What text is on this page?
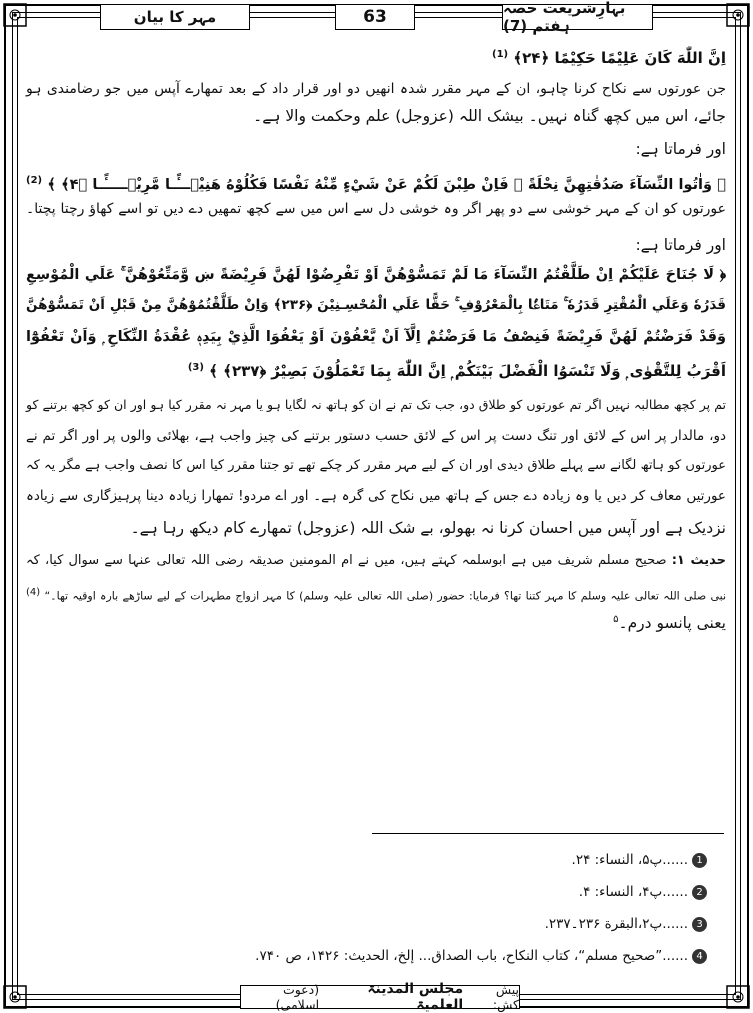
مہر کا بیان	63	بہارِشریعت حصہ ہفتم (7)
اِنَّ اللّٰهَ كَانَ عَلِيْمًا حَكِيْمًا ﴿۲۴﴾ $^{(1)}$
جن عورتوں سے نکاح کرنا چاہو، ان کے مہر مقرر شدہ انھیں دو اور قرار داد کے بعد تمھارے آپس میں جو رضامندی ہو
جائے، اس میں کچھ گناہ نہیں۔ بیشک اللہ (عزوجل) علم وحکمت والا ہے۔
اور فرماتا ہے:
﴿ وَاٰتُوا النِّسَآءَ صَدُقٰتِهِنَّ نِحْلَةً ۭ فَاِنْ طِبْنَ لَكُمْ عَنْ شَيْءٍ مِّنْهُ نَفْسًا فَكُلُوْهُ هَنِيْۗـــًٔـا مَّرِيْۗـــــًٔـا ﴿۴﴾ ﴾ $^{(2)}$
عورتوں کو ان کے مہر خوشی سے دو پھر اگر وہ خوشی دل سے اس میں سے کچھ تمھیں دے دیں تو اسے کھاؤ رچتا پچتا۔
اور فرماتا ہے:
﴿ لَا جُنَاحَ عَلَيْكُمْ اِنْ طَلَّقْتُمُ النِّسَآءَ مَا لَمْ تَمَسُّوْھُنَّ اَوْ تَفْرِضُوْا لَھُنَّ فَرِيْضَةً ښ وَّمَتِّعُوْھُنَّ ۚ عَلَي الْمُوْسِعِ
قَدَرُهٗ وَعَلَي الْمُقْتِرِ قَدَرُهٗ ۚ مَتَاعًۢا بِالْمَعْرُوْفِ ۚ حَقًّا عَلَي الْمُحْسِـنِيْنَ ﴿۲۳۶﴾ وَاِنْ طَلَّقْتُمُوْھُنَّ مِنْ قَبْلِ اَنْ تَمَسُّوْھُنَّ
وَقَدْ فَرَضْتُمْ لَھُنَّ فَرِيْضَةً فَنِصْفُ مَا فَرَضْتُمْ اِلَّآ اَنْ يَّعْفُوْنَ اَوْ يَعْفُوَا الَّذِيْ بِيَدِهٖ عُقْدَةُ النِّكَاحِ ۭ وَاَنْ تَعْفُوْٓا
اَقْرَبُ لِلتَّقْوٰى ۭ وَلَا تَنْسَوُا الْفَضْلَ بَيْنَكُمْ ۭ اِنَّ اللّٰهَ بِمَا تَعْمَلُوْنَ بَصِيْرٌ ﴿۲۳۷﴾ ﴾ $^{(3)}$
تم پر کچھ مطالبہ نہیں اگر تم عورتوں کو طلاق دو، جب تک تم نے ان کو ہاتھ نہ لگایا ہو یا مہر نہ مقرر کیا ہو اور ان کو کچھ برتنے کو
دو، مالدار پر اس کے لائق اور تنگ دست پر اس کے لائق حسب دستور برتنے کی چیز واجب ہے، بھلائی والوں پر اور اگر تم نے
عورتوں کو ہاتھ لگانے سے پہلے طلاق دیدی اور ان کے لیے مہر مقرر کر چکے تھے تو جتنا مقرر کیا اس کا نصف واجب ہے مگر یہ کہ
عورتیں معاف کر دیں یا وہ زیادہ دے جس کے ہاتھ میں نکاح کی گرہ ہے۔ اور اے مردو! تمھارا زیادہ دینا پرہیزگاری سے زیادہ
نزدیک ہے اور آپس میں احسان کرنا نہ بھولو، بے شک اللہ (عزوجل) تمھارے کام دیکھ رہا ہے۔
حدیث ۱: صحیح مسلم شریف میں ہے ابوسلمہ کہتے ہیں، میں نے ام المومنین صدیقہ رضی اللہ تعالی عنہا سے سوال کیا، کہ
نبی صلی اللہ تعالی علیہ وسلم کا مہر کتنا تھا؟ فرمایا: حضور (صلی اللہ تعالی علیہ وسلم) کا مہر ازواج مطہرات کے لیے ساڑھے بارہ اوقیہ تھا۔“ (4)
یعنی پانسو درم۔$^۵$
1......پ۵، النساء: ۲۴.
2......پ۴، النساء: ۴.
3......پ۲،البقرة ۲۳۶۔۲۳۷.
4......”صحيح مسلم“، كتاب النكاح، باب الصداق... إلخ، الحديث: ۱۴۲۶، ص ۷۴۰.
پیش کش:
مجلس المدینۃ العلمیۃ
(دعوت اسلامی)
